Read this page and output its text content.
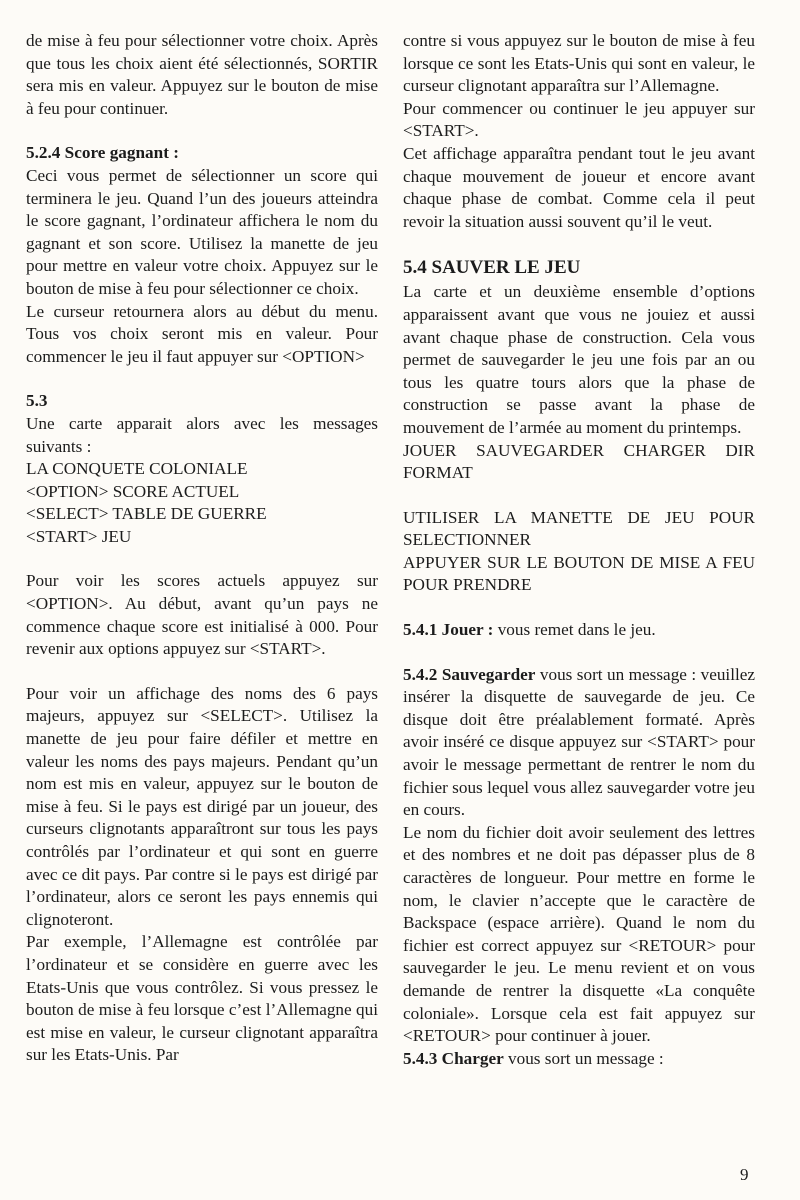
de mise à feu pour sélectionner votre choix. Après que tous les choix aient été sélectionnés, SORTIR sera mis en valeur. Appuyez sur le bouton de mise à feu pour continuer.

5.2.4 Score gagnant :

Ceci vous permet de sélectionner un score qui terminera le jeu. Quand l’un des joueurs atteindra le score gagnant, l’ordinateur affichera le nom du gagnant et son score. Utilisez la manette de jeu pour mettre en valeur votre choix. Appuyez sur le bouton de mise à feu pour sélectionner ce choix.

Le curseur retournera alors au début du menu. Tous vos choix seront mis en valeur. Pour commencer le jeu il faut appuyer sur <OPTION>

5.3

Une carte apparait alors avec les messages suivants :

LA CONQUETE COLONIALE
<OPTION> SCORE ACTUEL
<SELECT> TABLE DE GUERRE
<START> JEU

Pour voir les scores actuels appuyez sur <OPTION>. Au début, avant qu’un pays ne commence chaque score est initialisé à 000. Pour revenir aux options appuyez sur <START>.

Pour voir un affichage des noms des 6 pays majeurs, appuyez sur <SELECT>. Utilisez la manette de jeu pour faire défiler et mettre en valeur les noms des pays majeurs. Pendant qu’un nom est mis en valeur, appuyez sur le bouton de mise à feu. Si le pays est dirigé par un joueur, des curseurs clignotants apparaîtront sur tous les pays contrôlés par l’ordinateur et qui sont en guerre avec ce dit pays. Par contre si le pays est dirigé par l’ordinateur, alors ce seront les pays ennemis qui clignoteront.

Par exemple, l’Allemagne est contrôlée par l’ordinateur et se considère en guerre avec les Etats-Unis que vous contrôlez. Si vous pressez le bouton de mise à feu lorsque c’est l’Allemagne qui est mise en valeur, le curseur clignotant apparaîtra sur les Etats-Unis. Par

contre si vous appuyez sur le bouton de mise à feu lorsque ce sont les Etats-Unis qui sont en valeur, le curseur clignotant apparaîtra sur l’Allemagne.

Pour commencer ou continuer le jeu appuyer sur <START>.

Cet affichage apparaîtra pendant tout le jeu avant chaque mouvement de joueur et encore avant chaque phase de combat. Comme cela il peut revoir la situation aussi souvent qu’il le veut.

5.4 SAUVER LE JEU

La carte et un deuxième ensemble d’options apparaissent avant que vous ne jouiez et aussi avant chaque phase de construction. Cela vous permet de sauvegarder le jeu une fois par an ou tous les quatre tours alors que la phase de construction se passe avant la phase de mouvement de l’armée au moment du printemps.

JOUER SAUVEGARDER CHARGER DIR FORMAT

UTILISER LA MANETTE DE JEU POUR SELECTIONNER

APPUYER SUR LE BOUTON DE MISE A FEU POUR PRENDRE

5.4.1 Jouer : vous remet dans le jeu.

5.4.2 Sauvegarder vous sort un message : veuillez insérer la disquette de sauvegarde de jeu. Ce disque doit être préalablement formaté. Après avoir inséré ce disque appuyez sur <START> pour avoir le message permettant de rentrer le nom du fichier sous lequel vous allez sauvegarder votre jeu en cours.

Le nom du fichier doit avoir seulement des lettres et des nombres et ne doit pas dépasser plus de 8 caractères de longueur. Pour mettre en forme le nom, le clavier n’accepte que le caractère de Backspace (espace arrière). Quand le nom du fichier est correct appuyez sur <RETOUR> pour sauvegarder le jeu. Le menu revient et on vous demande de rentrer la disquette «La conquête coloniale». Lorsque cela est fait appuyez sur <RETOUR> pour continuer à jouer.

5.4.3 Charger vous sort un message :

9
